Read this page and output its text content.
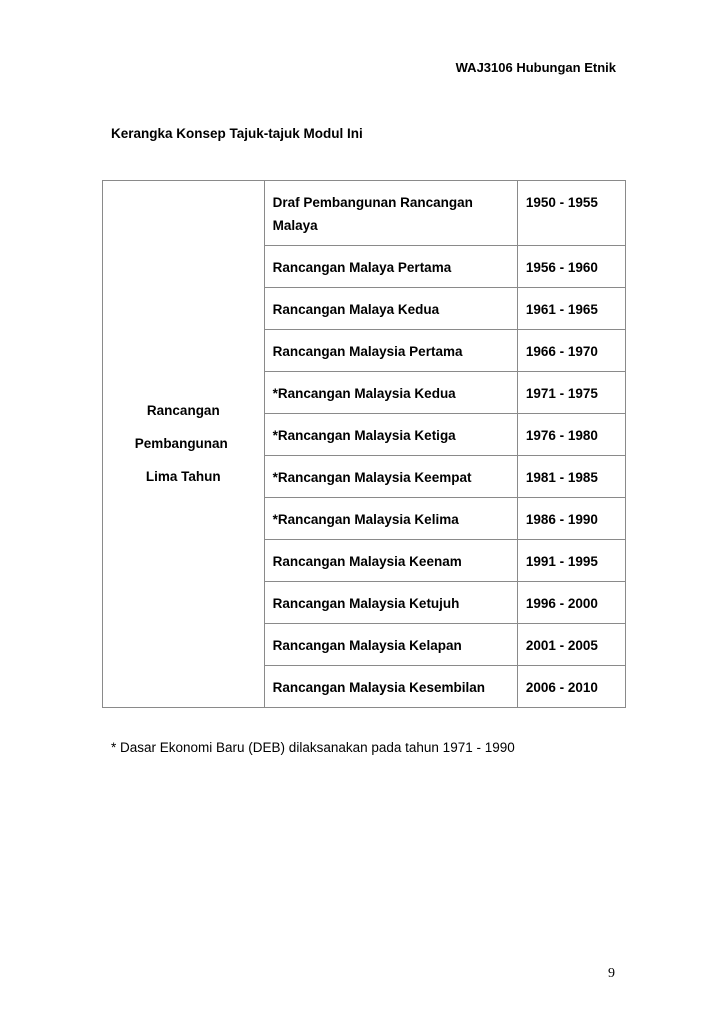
WAJ3106 Hubungan Etnik
Kerangka Konsep Tajuk-tajuk Modul Ini
Rancangan
Pembangunan
Lima Tahun	Draf Pembangunan Rancangan Malaya	1950 - 1955
	Rancangan Malaya Pertama	1956 - 1960
	Rancangan Malaya Kedua	1961 - 1965
	Rancangan Malaysia Pertama	1966 - 1970
	*Rancangan Malaysia Kedua	1971 - 1975
	*Rancangan Malaysia Ketiga	1976 - 1980
	*Rancangan Malaysia Keempat	1981 - 1985
	*Rancangan Malaysia Kelima	1986 - 1990
	Rancangan Malaysia Keenam	1991 - 1995
	Rancangan Malaysia Ketujuh	1996 - 2000
	Rancangan Malaysia Kelapan	2001 - 2005
	Rancangan Malaysia Kesembilan	2006 - 2010
* Dasar Ekonomi Baru (DEB) dilaksanakan pada tahun 1971 - 1990
9
